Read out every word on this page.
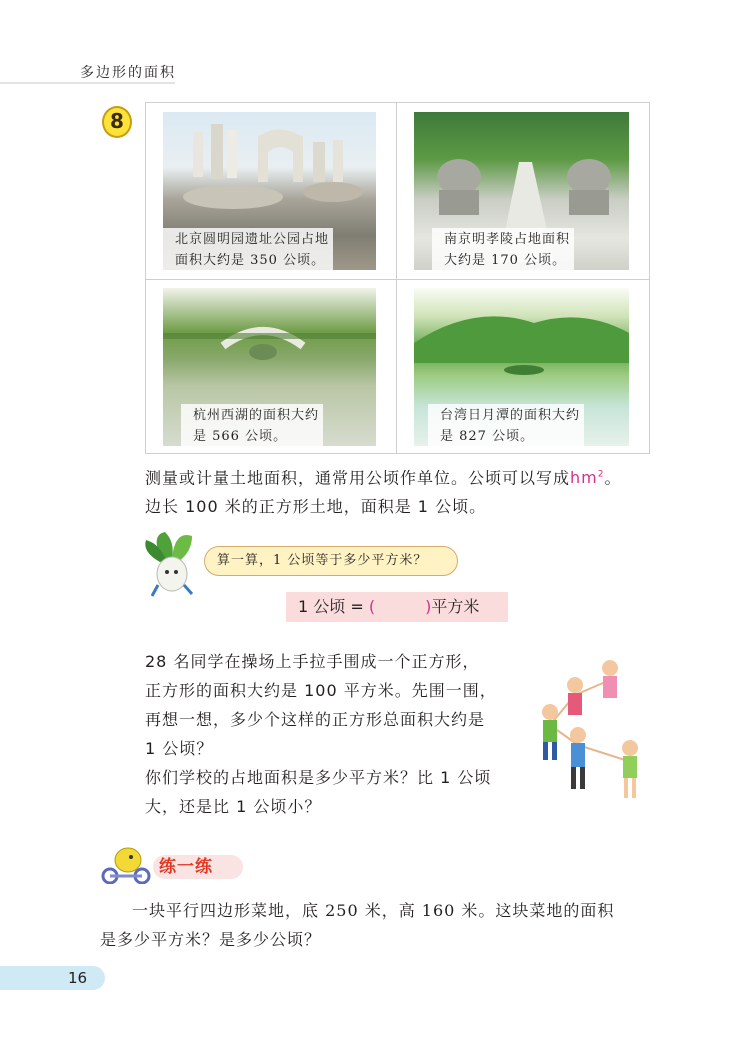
多边形的面积
8
北京圆明园遗址公园占地
面积大约是 350 公顷。
南京明孝陵占地面积
大约是 170 公顷。
杭州西湖的面积大约
是 566 公顷。
台湾日月潭的面积大约
是 827 公顷。
测量或计量土地面积，通常用公顷作单位。公顷可以写成$hm^2$。
边长 100 米的正方形土地，面积是 1 公顷。
算一算，1 公顷等于多少平方米？
1 公顷 = (	)平方米
28 名同学在操场上手拉手围成一个正方形，
正方形的面积大约是 100 平方米。先围一围，
再想一想，多少个这样的正方形总面积大约是
1 公顷？
你们学校的占地面积是多少平方米？比 1 公顷
大，还是比 1 公顷小？
练一练
一块平行四边形菜地，底 250 米，高 160 米。这块菜地的面积
是多少平方米？是多少公顷？
16
